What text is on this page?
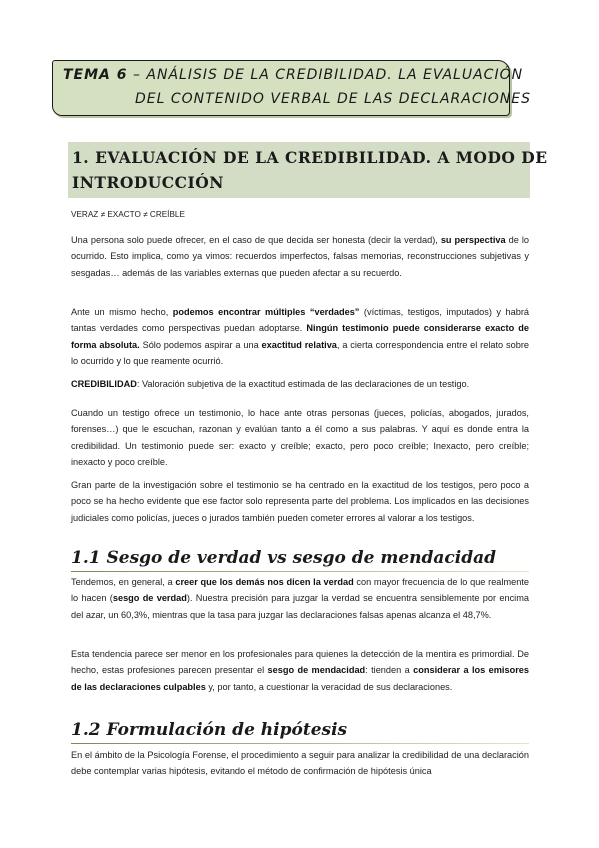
TEMA 6 – ANÁLISIS DE LA CREDIBILIDAD. LA EVALUACIÓN
DEL CONTENIDO VERBAL DE LAS DECLARACIONES
1. EVALUACIÓN DE LA CREDIBILIDAD. A MODO DE
INTRODUCCIÓN
VERAZ ≠ EXACTO ≠ CREÍBLE
Una persona solo puede ofrecer, en el caso de que decida ser honesta (decir la verdad), su perspectiva de lo ocurrido. Esto implica, como ya vimos: recuerdos imperfectos, falsas memorias, reconstrucciones subjetivas y sesgadas… además de las variables externas que pueden afectar a su recuerdo.
Ante un mismo hecho, podemos encontrar múltiples “verdades” (víctimas, testigos, imputados) y habrá tantas verdades como perspectivas puedan adoptarse. Ningún testimonio puede considerarse exacto de forma absoluta. Sólo podemos aspirar a una exactitud relativa, a cierta correspondencia entre el relato sobre lo ocurrido y lo que reamente ocurrió.
CREDIBILIDAD: Valoración subjetiva de la exactitud estimada de las declaraciones de un testigo.
Cuando un testigo ofrece un testimonio, lo hace ante otras personas (jueces, policías, abogados, jurados, forenses…) que le escuchan, razonan y evalúan tanto a él como a sus palabras. Y aquí es donde entra la credibilidad. Un testimonio puede ser: exacto y creíble; exacto, pero poco creíble; Inexacto, pero creíble; inexacto y poco creíble.
Gran parte de la investigación sobre el testimonio se ha centrado en la exactitud de los testigos, pero poco a poco se ha hecho evidente que ese factor solo representa parte del problema. Los implicados en las decisiones judiciales como policías, jueces o jurados también pueden cometer errores al valorar a los testigos.
1.1 Sesgo de verdad vs sesgo de mendacidad
Tendemos, en general, a creer que los demás nos dicen la verdad con mayor frecuencia de lo que realmente lo hacen (sesgo de verdad). Nuestra precisión para juzgar la verdad se encuentra sensiblemente por encima del azar, un 60,3%, mientras que la tasa para juzgar las declaraciones falsas apenas alcanza el 48,7%.
Esta tendencia parece ser menor en los profesionales para quienes la detección de la mentira es primordial. De hecho, estas profesiones parecen presentar el sesgo de mendacidad: tienden a considerar a los emisores de las declaraciones culpables y, por tanto, a cuestionar la veracidad de sus declaraciones.
1.2 Formulación de hipótesis
En el ámbito de la Psicología Forense, el procedimiento a seguir para analizar la credibilidad de una declaración debe contemplar varias hipótesis, evitando el método de confirmación de hipótesis única
